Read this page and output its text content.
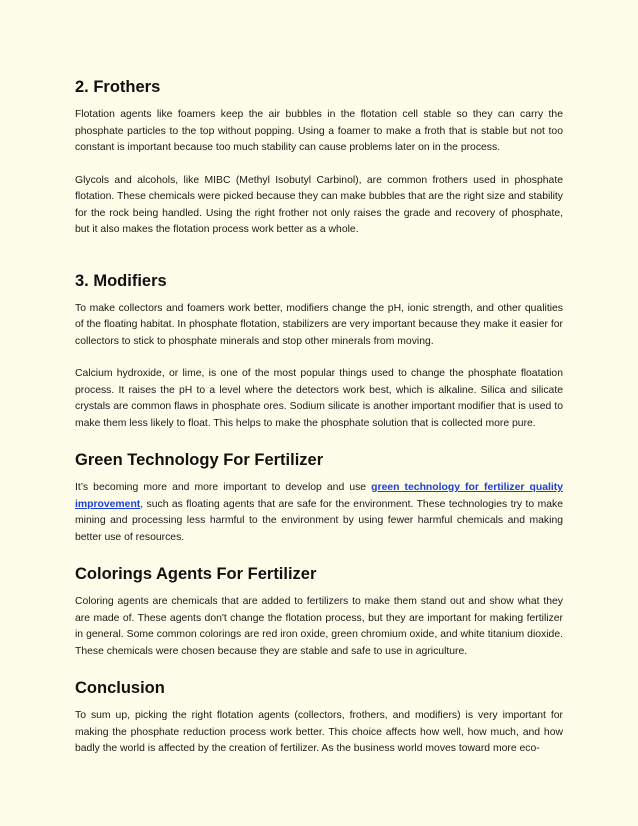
2. Frothers

Flotation agents like foamers keep the air bubbles in the flotation cell stable so they can carry the phosphate particles to the top without popping. Using a foamer to make a froth that is stable but not too constant is important because too much stability can cause problems later on in the process.

Glycols and alcohols, like MIBC (Methyl Isobutyl Carbinol), are common frothers used in phosphate flotation. These chemicals were picked because they can make bubbles that are the right size and stability for the rock being handled. Using the right frother not only raises the grade and recovery of phosphate, but it also makes the flotation process work better as a whole.

3. Modifiers

To make collectors and foamers work better, modifiers change the pH, ionic strength, and other qualities of the floating habitat. In phosphate flotation, stabilizers are very important because they make it easier for collectors to stick to phosphate minerals and stop other minerals from moving.

Calcium hydroxide, or lime, is one of the most popular things used to change the phosphate floatation process. It raises the pH to a level where the detectors work best, which is alkaline. Silica and silicate crystals are common flaws in phosphate ores. Sodium silicate is another important modifier that is used to make them less likely to float. This helps to make the phosphate solution that is collected more pure.

Green Technology For Fertilizer

It’s becoming more and more important to develop and use green technology for fertilizer quality improvement, such as floating agents that are safe for the environment. These technologies try to make mining and processing less harmful to the environment by using fewer harmful chemicals and making better use of resources.

Colorings Agents For Fertilizer

Coloring agents are chemicals that are added to fertilizers to make them stand out and show what they are made of. These agents don't change the flotation process, but they are important for making fertilizer in general. Some common colorings are red iron oxide, green chromium oxide, and white titanium dioxide. These chemicals were chosen because they are stable and safe to use in agriculture.

Conclusion

To sum up, picking the right flotation agents (collectors, frothers, and modifiers) is very important for making the phosphate reduction process work better. This choice affects how well, how much, and how badly the world is affected by the creation of fertilizer. As the business world moves toward more eco-
